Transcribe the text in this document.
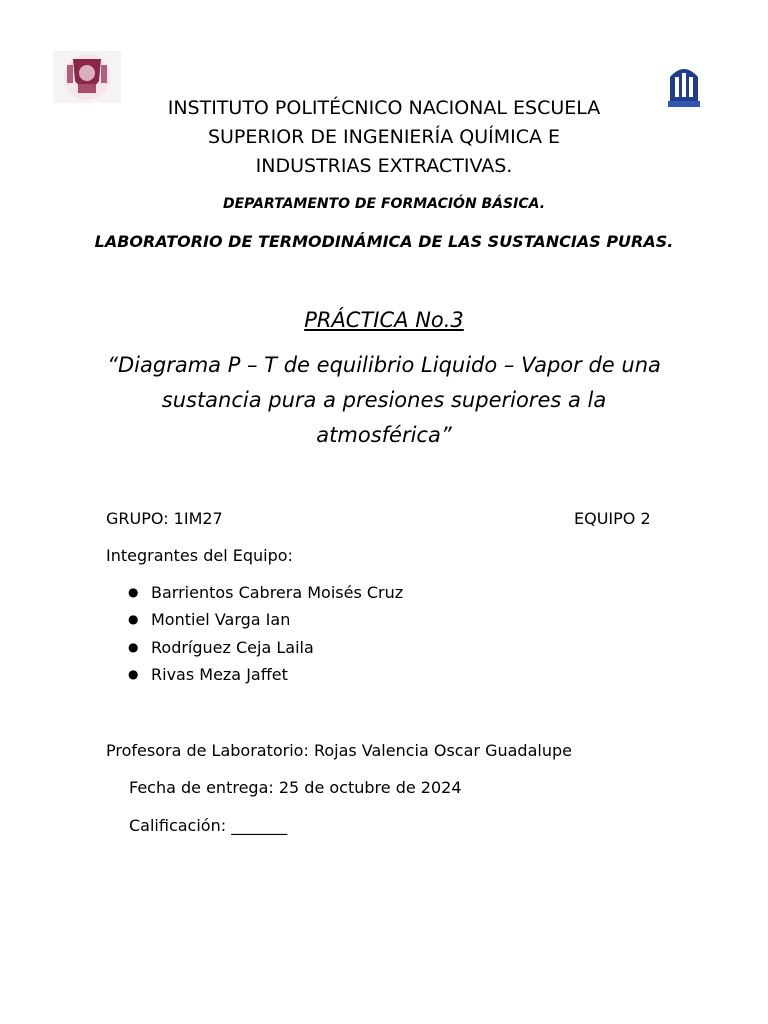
INSTITUTO POLITÉCNICO NACIONAL ESCUELA SUPERIOR DE INGENIERÍA QUÍMICA E INDUSTRIAS EXTRACTIVAS.
DEPARTAMENTO DE FORMACIÓN BÁSICA.
LABORATORIO DE TERMODINÁMICA DE LAS SUSTANCIAS PURAS.
PRÁCTICA No.3
“Diagrama P – T de equilibrio Liquido – Vapor de una sustancia pura a presiones superiores a la atmosférica”
GRUPO: 1IM27	EQUIPO 2
Integrantes del Equipo:
● Barrientos Cabrera Moisés Cruz
● Montiel Varga Ian
● Rodríguez Ceja Laila
● Rivas Meza Jaffet
Profesora de Laboratorio: Rojas Valencia Oscar Guadalupe
Fecha de entrega: 25 de octubre de 2024
Calificación: _______
